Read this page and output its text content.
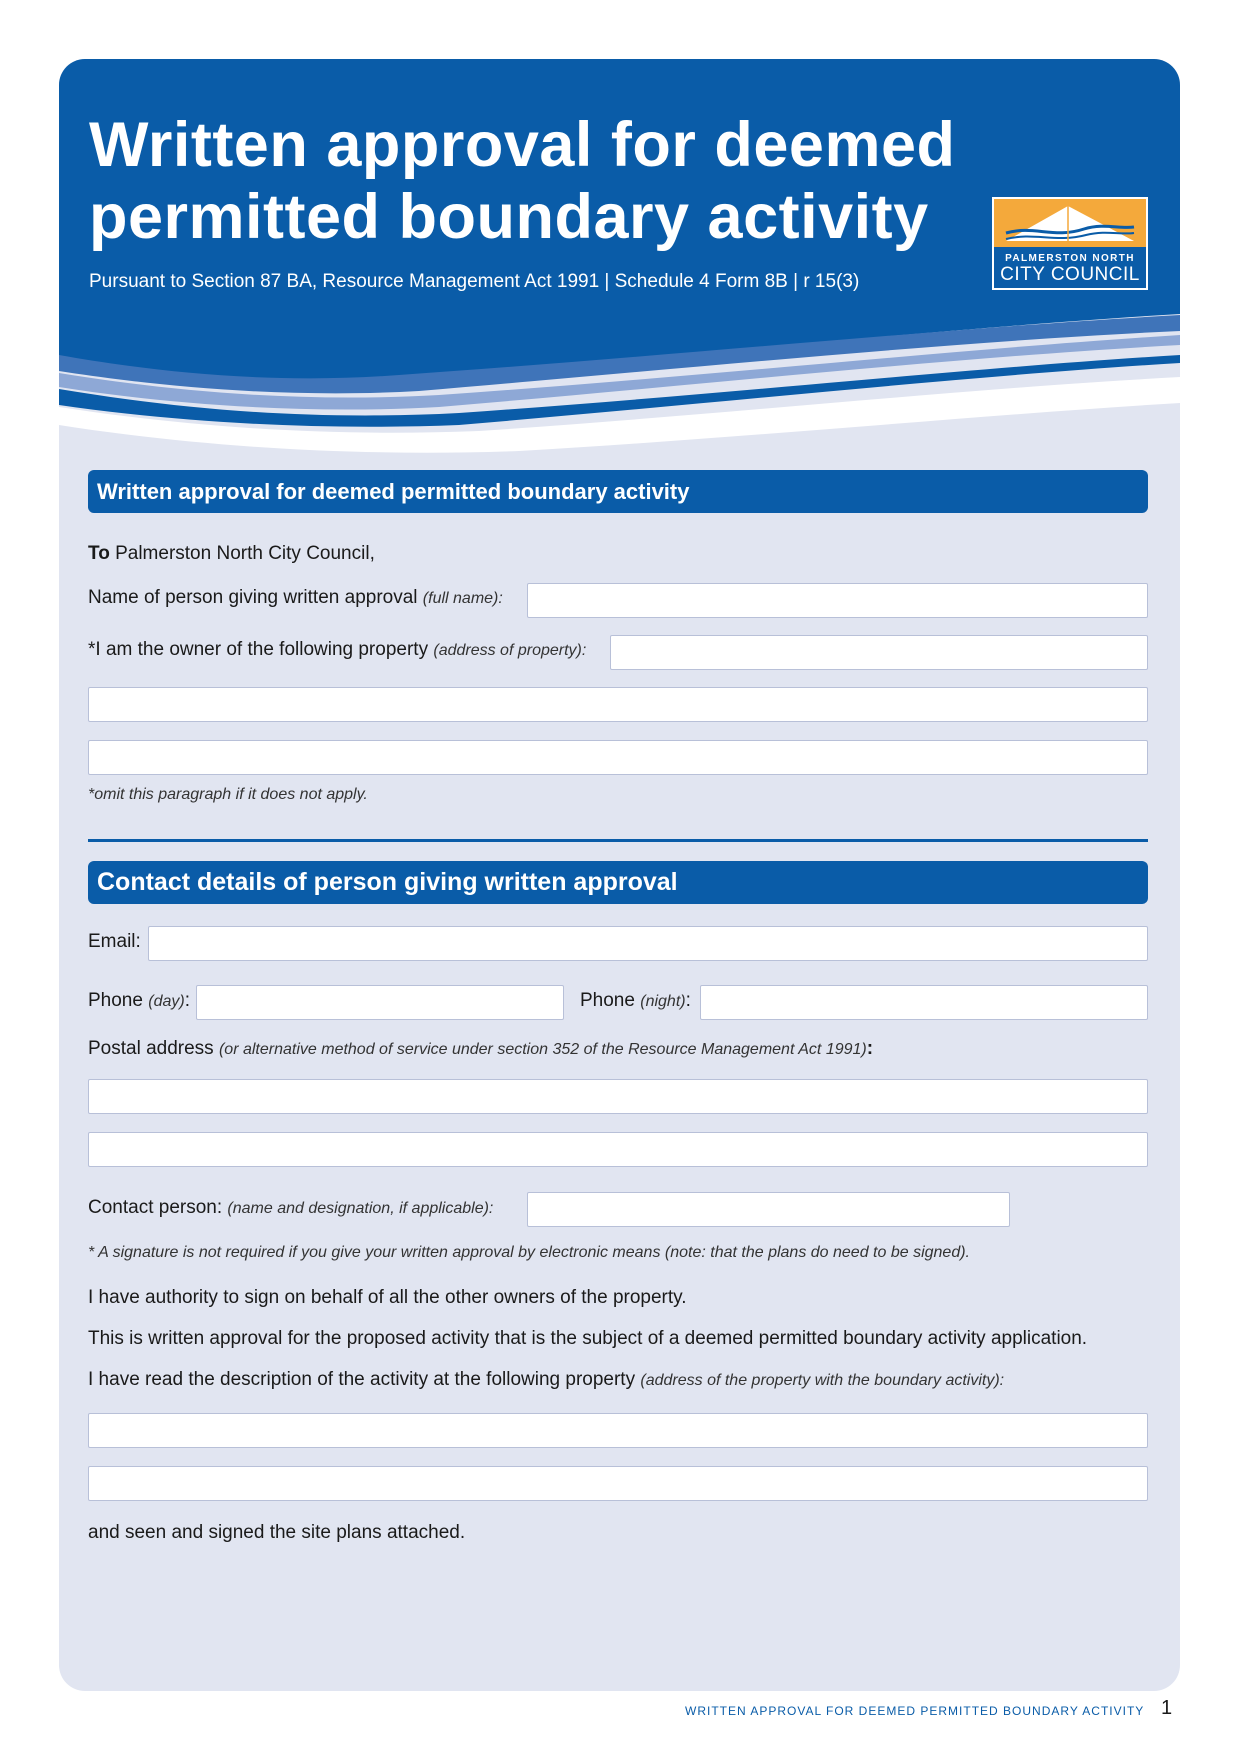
Written approval for deemed
permitted boundary activity
Pursuant to Section 87 BA, Resource Management Act 1991 | Schedule 4 Form 8B | r 15(3)
PALMERSTON NORTH
CITY COUNCIL
Written approval for deemed permitted boundary activity
To Palmerston North City Council,
Name of person giving written approval (full name):
*I am the owner of the following property (address of property):
*omit this paragraph if it does not apply.
Contact details of person giving written approval
Email:
Phone (day):	Phone (night):
Postal address (or alternative method of service under section 352 of the Resource Management Act 1991):
Contact person: (name and designation, if applicable):
* A signature is not required if you give your written approval by electronic means (note: that the plans do need to be signed).
I have authority to sign on behalf of all the other owners of the property.
This is written approval for the proposed activity that is the subject of a deemed permitted boundary activity application.
I have read the description of the activity at the following property (address of the property with the boundary activity):
and seen and signed the site plans attached.
WRITTEN APPROVAL FOR DEEMED PERMITTED BOUNDARY ACTIVITY 1
